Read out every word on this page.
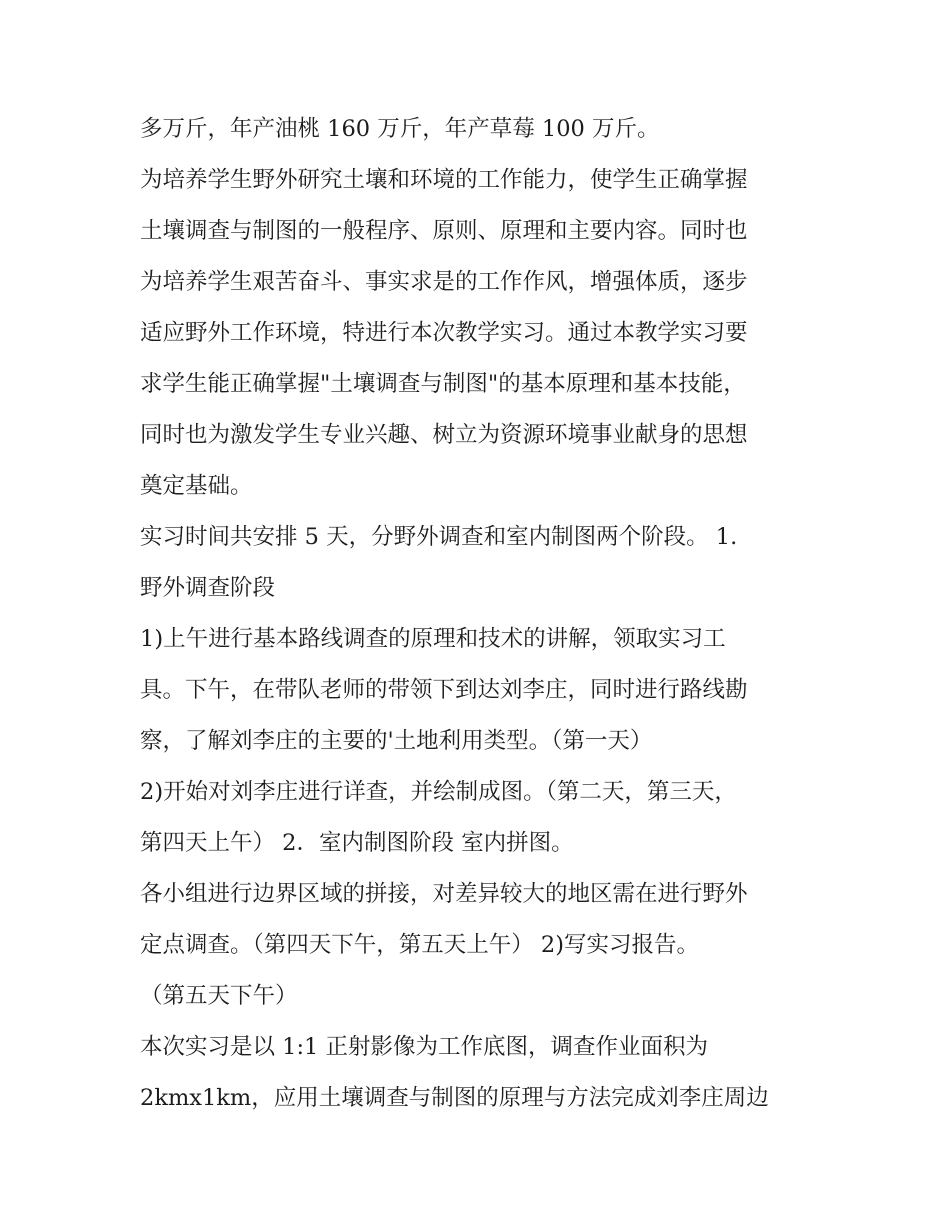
多万斤，年产油桃 160 万斤，年产草莓 100 万斤。

为培养学生野外研究土壤和环境的工作能力，使学生正确掌握

土壤调查与制图的一般程序、原则、原理和主要内容。同时也

为培养学生艰苦奋斗、事实求是的工作作风，增强体质，逐步

适应野外工作环境，特进行本次教学实习。通过本教学实习要

求学生能正确掌握"土壤调查与制图"的基本原理和基本技能，

同时也为激发学生专业兴趣、树立为资源环境事业献身的思想

奠定基础。

实习时间共安排 5 天，分野外调查和室内制图两个阶段。 1.

野外调查阶段

1)上午进行基本路线调查的原理和技术的讲解，领取实习工

具。下午，在带队老师的带领下到达刘李庄，同时进行路线勘

察，了解刘李庄的主要的'土地利用类型。（第一天）

2)开始对刘李庄进行详查，并绘制成图。（第二天，第三天，

第四天上午） 2．室内制图阶段 室内拼图。

各小组进行边界区域的拼接，对差异较大的地区需在进行野外

定点调查。（第四天下午，第五天上午） 2)写实习报告。

（第五天下午）

本次实习是以 1:1 正射影像为工作底图，调查作业面积为

2kmx1km，应用土壤调查与制图的原理与方法完成刘李庄周边
